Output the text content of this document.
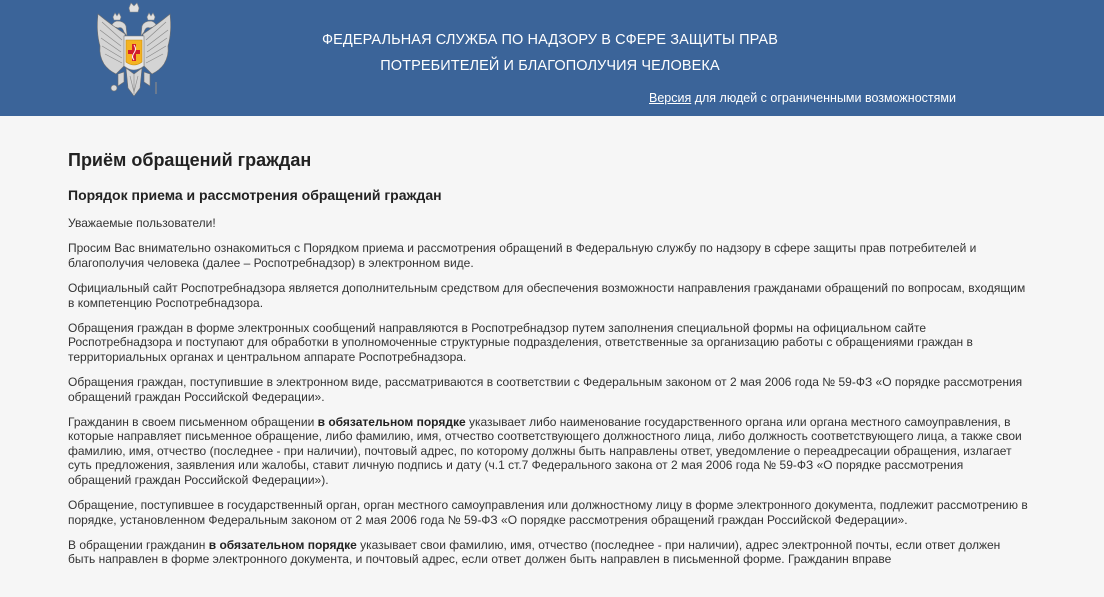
ФЕДЕРАЛЬНАЯ СЛУЖБА ПО НАДЗОРУ В СФЕРЕ ЗАЩИТЫ ПРАВ
ПОТРЕБИТЕЛЕЙ И БЛАГОПОЛУЧИЯ ЧЕЛОВЕКА
Версия для людей с ограниченными возможностями
Приём обращений граждан
Порядок приема и рассмотрения обращений граждан

Уважаемые пользователи!

Просим Вас внимательно ознакомиться с Порядком приема и рассмотрения обращений в Федеральную службу по надзору в сфере защиты прав потребителей и благополучия человека (далее – Роспотребнадзор) в электронном виде.

Официальный сайт Роспотребнадзора является дополнительным средством для обеспечения возможности направления гражданами обращений по вопросам, входящим в компетенцию Роспотребнадзора.

Обращения граждан в форме электронных сообщений направляются в Роспотребнадзор путем заполнения специальной формы на официальном сайте Роспотребнадзора и поступают для обработки в уполномоченные структурные подразделения, ответственные за организацию работы с обращениями граждан в территориальных органах и центральном аппарате Роспотребнадзора.

Обращения граждан, поступившие в электронном виде, рассматриваются в соответствии с Федеральным законом от 2 мая 2006 года № 59-ФЗ «О порядке рассмотрения обращений граждан Российской Федерации».

Гражданин в своем письменном обращении в обязательном порядке указывает либо наименование государственного органа или органа местного самоуправления, в которые направляет письменное обращение, либо фамилию, имя, отчество соответствующего должностного лица, либо должность соответствующего лица, а также свои фамилию, имя, отчество (последнее - при наличии), почтовый адрес, по которому должны быть направлены ответ, уведомление о переадресации обращения, излагает суть предложения, заявления или жалобы, ставит личную подпись и дату (ч.1 ст.7 Федерального закона от 2 мая 2006 года № 59-ФЗ «О порядке рассмотрения обращений граждан Российской Федерации»).

Обращение, поступившее в государственный орган, орган местного самоуправления или должностному лицу в форме электронного документа, подлежит рассмотрению в порядке, установленном Федеральным законом от 2 мая 2006 года № 59-ФЗ «О порядке рассмотрения обращений граждан Российской Федерации».

В обращении гражданин в обязательном порядке указывает свои фамилию, имя, отчество (последнее - при наличии), адрес электронной почты, если ответ должен быть направлен в форме электронного документа, и почтовый адрес, если ответ должен быть направлен в письменной форме. Гражданин вправе
